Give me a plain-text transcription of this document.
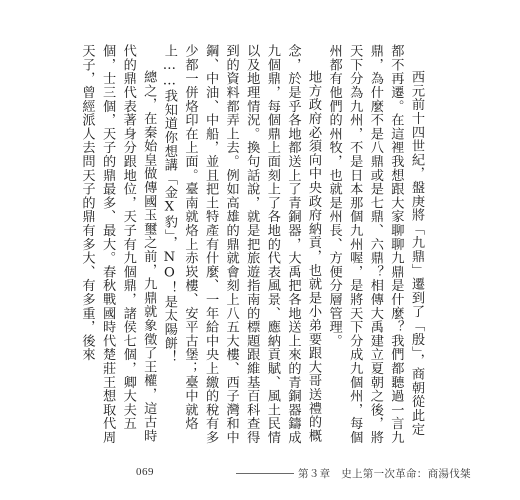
西元前十四世紀，盤庚將「九鼎」遷到了「殷」，商朝從此定都不再遷。在這裡我想跟大家聊聊九鼎是什麼？我們都聽過一言九鼎，為什麼不是八鼎或是七鼎、六鼎？相傳大禹建立夏朝之後，將天下分為九州，不是日本那個九州喔，是將天下分成九個州，每個州都有他們的州牧，也就是州長、方便分層管理。

地方政府必須向中央政府納貢，也就是小弟要跟大哥送禮的概念，於是乎各地都送上了青銅器，大禹把各地送上來的青銅器鑄成九個鼎，每個鼎上面刻上了各地的代表風景、應納貢賦、風土民情以及地理情況。換句話說，就是把旅遊指南的標題跟維基百科查得到的資料都弄上去。例如高雄的鼎就會刻上八五大樓、西子灣和中鋼、中油、中船，並且把土特產有什麼、一年給中央上繳的稅有多少都一併烙印在上面。臺南就烙上赤崁樓、安平古堡；臺中就烙上……我知道你想講「金X豹」，NO！是太陽餅！

總之，在秦始皇做傳國玉璽之前，九鼎就象徵了王權，這古時代的鼎代表著身分跟地位，天子有九個鼎，諸侯七個，卿大夫五個，士三個，天子的鼎最多、最大。春秋戰國時代楚莊王想取代周天子，曾經派人去問天子的鼎有多大、有多重，後來

069	第３章　史上第一次革命：商湯伐桀
